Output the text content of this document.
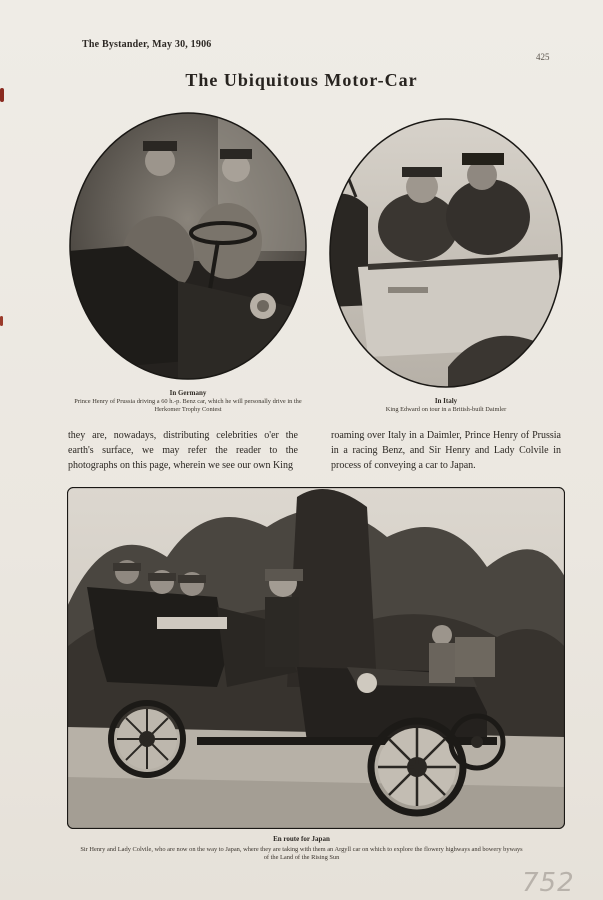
The Bystander, May 30, 1906
425
The Ubiquitous Motor-Car
In Germany
Prince Henry of Prussia driving a 60 h.-p. Benz car, which he will personally drive in the Herkomer Trophy Contest
In Italy
King Edward on tour in a British-built Daimler
they are, nowadays, distributing celebrities o'er the earth's surface, we may refer the reader to the photographs on this page, wherein we see our own King
roaming over Italy in a Daimler, Prince Henry of Prussia in a racing Benz, and Sir Henry and Lady Colvile in process of conveying a car to Japan.
En route for Japan
Sir Henry and Lady Colvile, who are now on the way to Japan, where they are taking with them an Argyll car on which to explore the flowery highways and bowery byways of the Land of the Rising Sun
752
